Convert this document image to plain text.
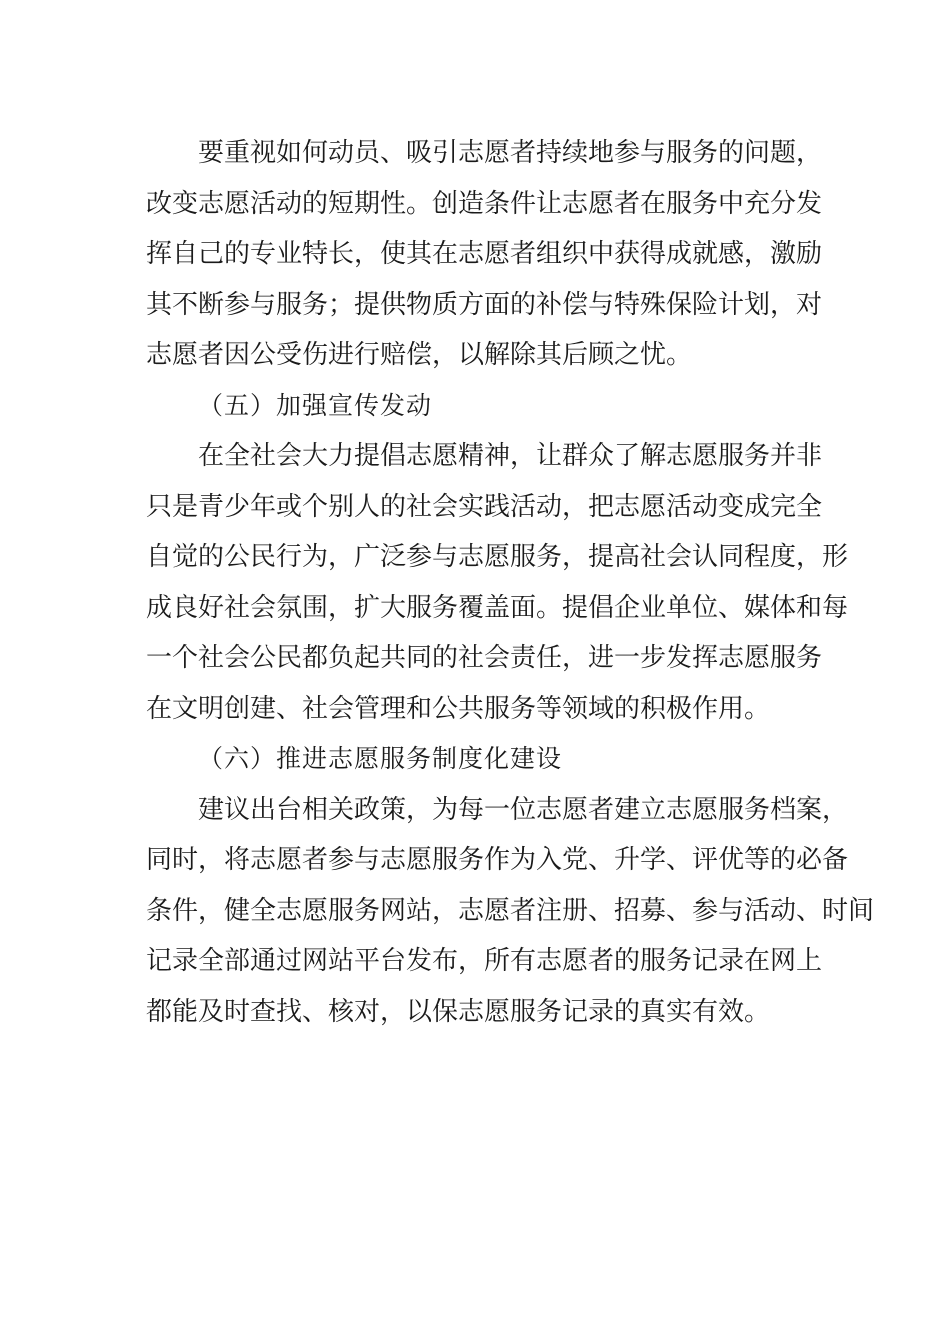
要重视如何动员、吸引志愿者持续地参与服务的问题，
改变志愿活动的短期性。创造条件让志愿者在服务中充分发
挥自己的专业特长，使其在志愿者组织中获得成就感，激励
其不断参与服务；提供物质方面的补偿与特殊保险计划，对
志愿者因公受伤进行赔偿，以解除其后顾之忧。
（五）加强宣传发动
在全社会大力提倡志愿精神，让群众了解志愿服务并非
只是青少年或个别人的社会实践活动，把志愿活动变成完全
自觉的公民行为，广泛参与志愿服务，提高社会认同程度，形
成良好社会氛围，扩大服务覆盖面。提倡企业单位、媒体和每
一个社会公民都负起共同的社会责任，进一步发挥志愿服务
在文明创建、社会管理和公共服务等领域的积极作用。
（六）推进志愿服务制度化建设
建议出台相关政策，为每一位志愿者建立志愿服务档案，
同时，将志愿者参与志愿服务作为入党、升学、评优等的必备
条件，健全志愿服务网站，志愿者注册、招募、参与活动、时间
记录全部通过网站平台发布，所有志愿者的服务记录在网上
都能及时查找、核对，以保志愿服务记录的真实有效。
